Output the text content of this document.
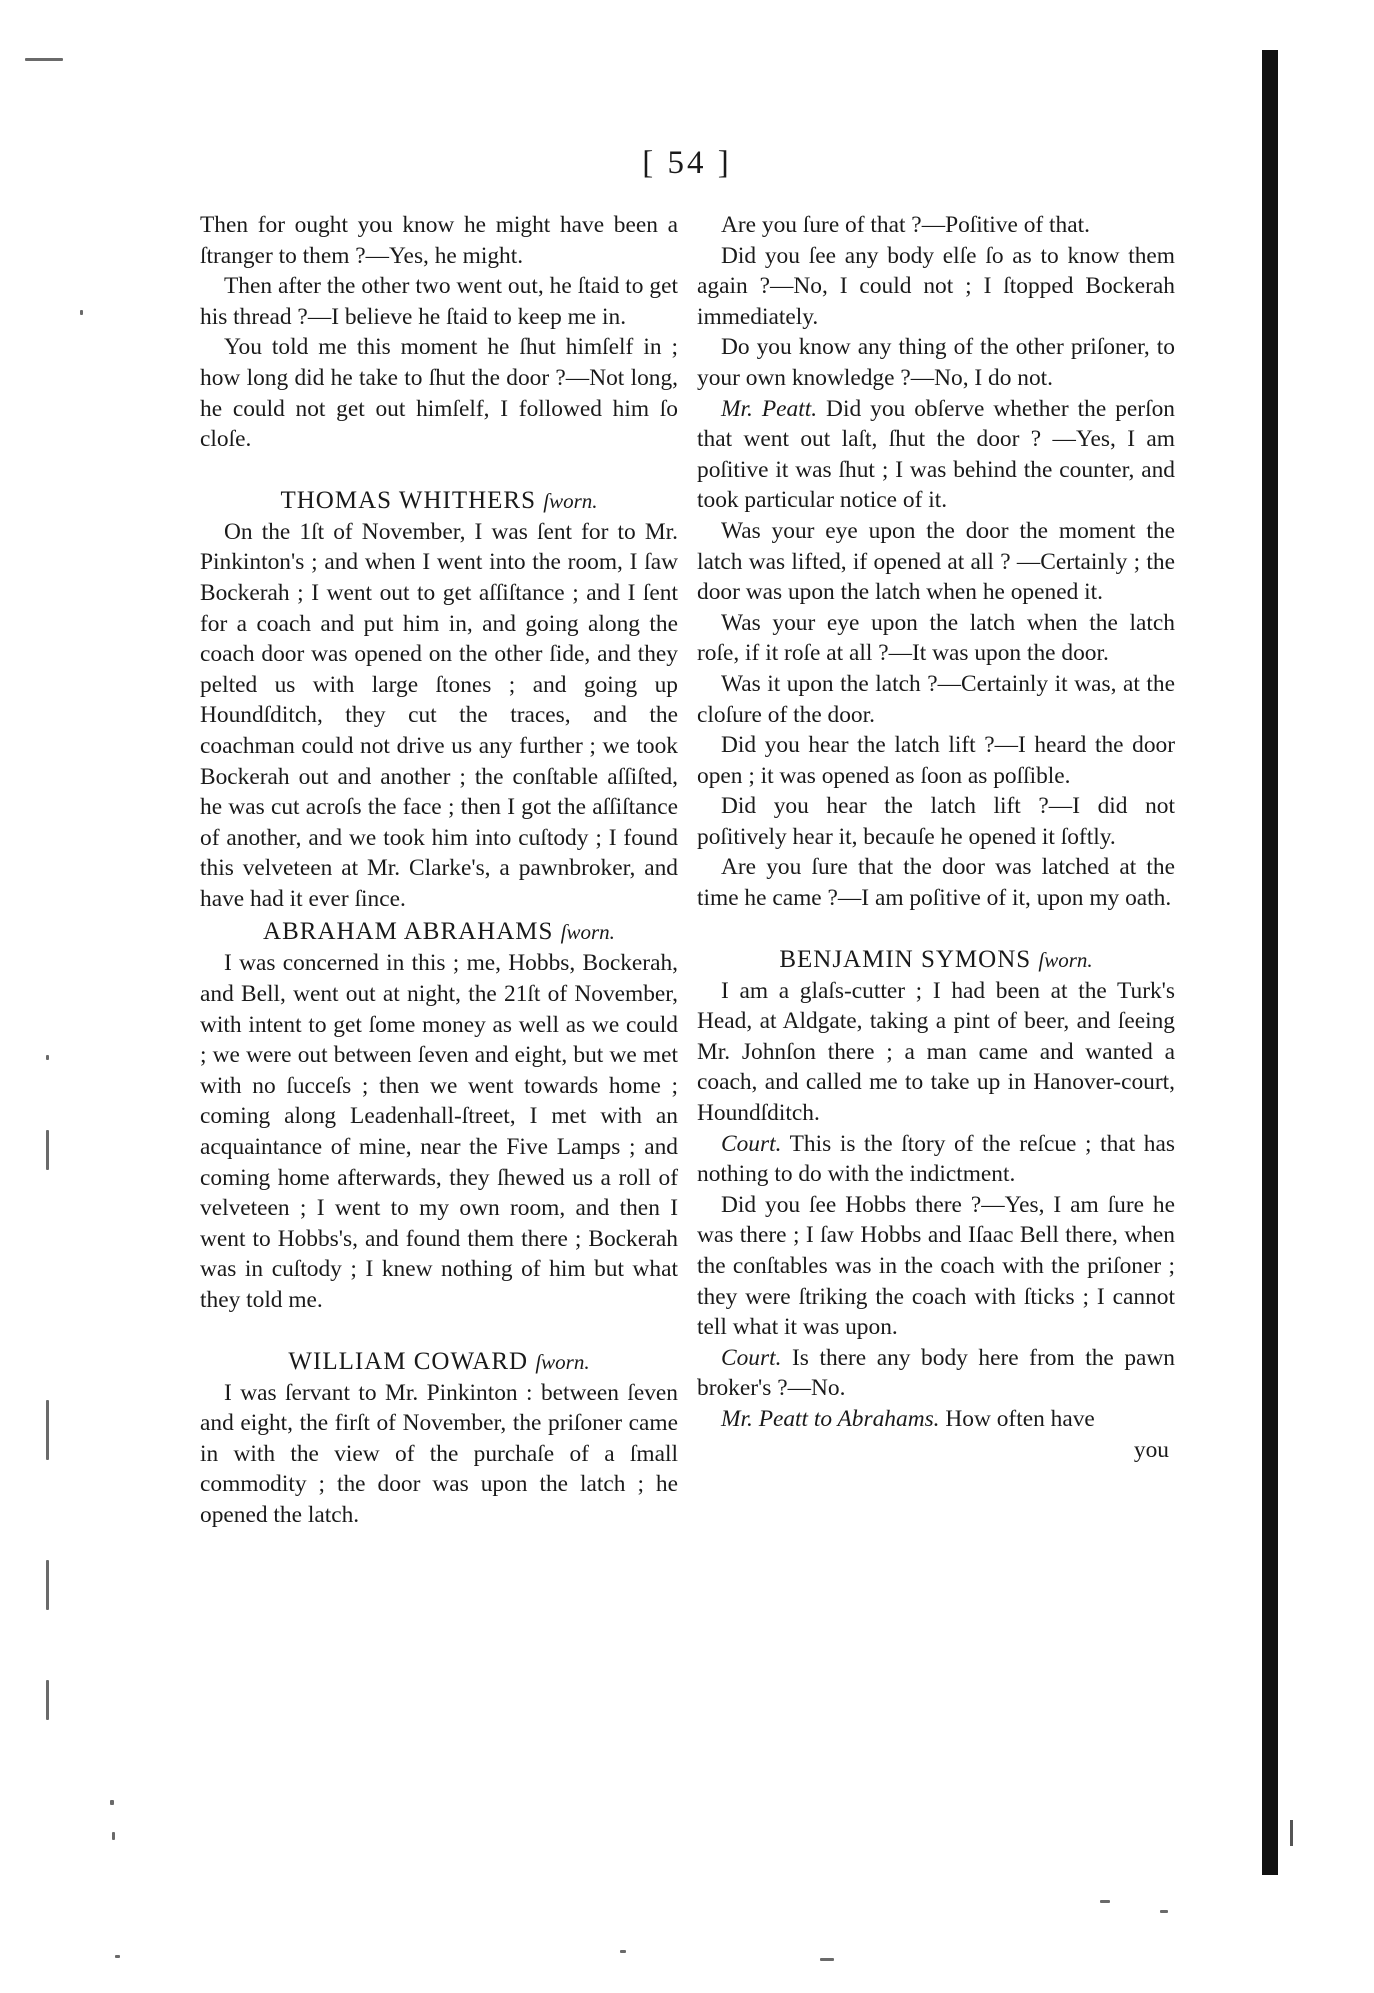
[ 54 ]

Then for ought you know he might have been a ſtranger to them ?—Yes, he might.

Then after the other two went out, he ſtaid to get his thread ?—I believe he ſtaid to keep me in.

You told me this moment he ſhut himſelf in ; how long did he take to ſhut the door ?—Not long, he could not get out himſelf, I followed him ſo cloſe.

THOMAS WHITHERS ſworn.

On the 1ſt of November, I was ſent for to Mr. Pinkinton's ; and when I went into the room, I ſaw Bockerah ; I went out to get aſſiſtance ; and I ſent for a coach and put him in, and going along the coach door was opened on the other ſide, and they pelted us with large ſtones ; and going up Houndſditch, they cut the traces, and the coachman could not drive us any further ; we took Bockerah out and another ; the conſtable aſſiſted, he was cut acroſs the face ; then I got the aſſiſtance of another, and we took him into cuſtody ; I found this velveteen at Mr. Clarke's, a pawnbroker, and have had it ever ſince.

ABRAHAM ABRAHAMS ſworn.

I was concerned in this ; me, Hobbs, Bockerah, and Bell, went out at night, the 21ſt of November, with intent to get ſome money as well as we could ; we were out between ſeven and eight, but we met with no ſucceſs ; then we went towards home ; coming along Leadenhall-ſtreet, I met with an acquaintance of mine, near the Five Lamps ; and coming home afterwards, they ſhewed us a roll of velveteen ; I went to my own room, and then I went to Hobbs's, and found them there ; Bockerah was in cuſtody ; I knew nothing of him but what they told me.

WILLIAM COWARD ſworn.

I was ſervant to Mr. Pinkinton : between ſeven and eight, the firſt of November, the priſoner came in with the view of the purchaſe of a ſmall commodity ; the door was upon the latch ; he opened the latch.

Are you ſure of that ?—Poſitive of that.

Did you ſee any body elſe ſo as to know them again ?—No, I could not ; I ſtopped Bockerah immediately.

Do you know any thing of the other priſoner, to your own knowledge ?—No, I do not.

Mr. Peatt. Did you obſerve whether the perſon that went out laſt, ſhut the door ? —Yes, I am poſitive it was ſhut ; I was behind the counter, and took particular notice of it.

Was your eye upon the door the moment the latch was lifted, if opened at all ? —Certainly ; the door was upon the latch when he opened it.

Was your eye upon the latch when the latch roſe, if it roſe at all ?—It was upon the door.

Was it upon the latch ?—Certainly it was, at the cloſure of the door.

Did you hear the latch lift ?—I heard the door open ; it was opened as ſoon as poſſible.

Did you hear the latch lift ?—I did not poſitively hear it, becauſe he opened it ſoftly.

Are you ſure that the door was latched at the time he came ?—I am poſitive of it, upon my oath.

BENJAMIN SYMONS ſworn.

I am a glaſs-cutter ; I had been at the Turk's Head, at Aldgate, taking a pint of beer, and ſeeing Mr. Johnſon there ; a man came and wanted a coach, and called me to take up in Hanover-court, Houndſditch.

Court. This is the ſtory of the reſcue ; that has nothing to do with the indictment.

Did you ſee Hobbs there ?—Yes, I am ſure he was there ; I ſaw Hobbs and Iſaac Bell there, when the conſtables was in the coach with the priſoner ; they were ſtriking the coach with ſticks ; I cannot tell what it was upon.

Court. Is there any body here from the pawn broker's ?—No.

Mr. Peatt to Abrahams. How often have

you
